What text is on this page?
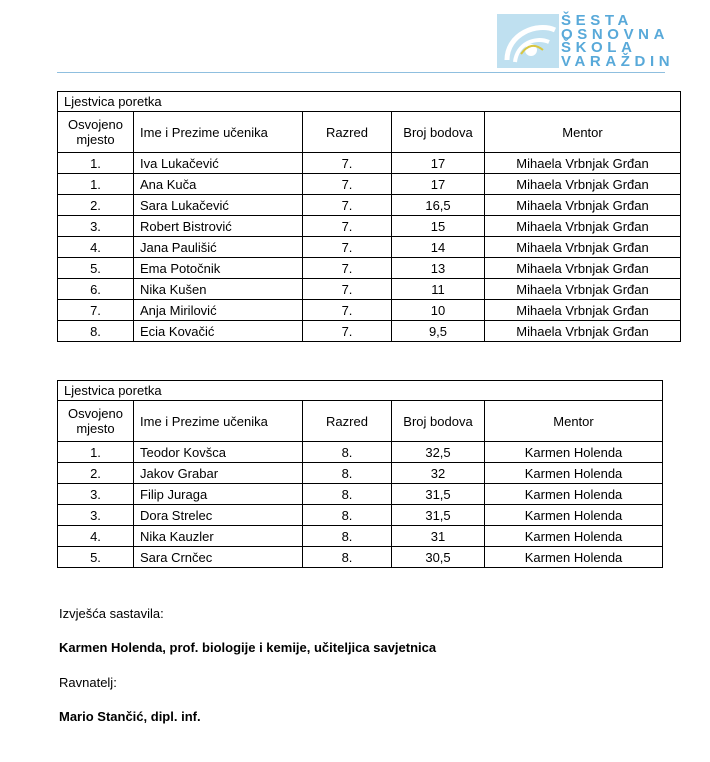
ŠESTA
OSNOVNA
ŠKOLA
VARAŽDIN
Ljestvica poretka				
Osvojeno mjesto	Ime i Prezime učenika	Razred	Broj bodova	Mentor
1.	Iva Lukačević	7.	17	Mihaela Vrbnjak Grđan
1.	Ana Kuča	7.	17	Mihaela Vrbnjak Grđan
2.	Sara Lukačević	7.	16,5	Mihaela Vrbnjak Grđan
3.	Robert Bistrović	7.	15	Mihaela Vrbnjak Grđan
4.	Jana Paulišić	7.	14	Mihaela Vrbnjak Grđan
5.	Ema Potočnik	7.	13	Mihaela Vrbnjak Grđan
6.	Nika Kušen	7.	11	Mihaela Vrbnjak Grđan
7.	Anja Mirilović	7.	10	Mihaela Vrbnjak Grđan
8.	Ecia Kovačić	7.	9,5	Mihaela Vrbnjak Grđan
Ljestvica poretka				
Osvojeno mjesto	Ime i Prezime učenika	Razred	Broj bodova	Mentor
1.	Teodor Kovšca	8.	32,5	Karmen Holenda
2.	Jakov Grabar	8.	32	Karmen Holenda
3.	Filip Juraga	8.	31,5	Karmen Holenda
3.	Dora Strelec	8.	31,5	Karmen Holenda
4.	Nika Kauzler	8.	31	Karmen Holenda
5.	Sara Crnčec	8.	30,5	Karmen Holenda
Izvješća sastavila:
Karmen Holenda, prof. biologije i kemije, učiteljica savjetnica
Ravnatelj:
Mario Stančić, dipl. inf.
